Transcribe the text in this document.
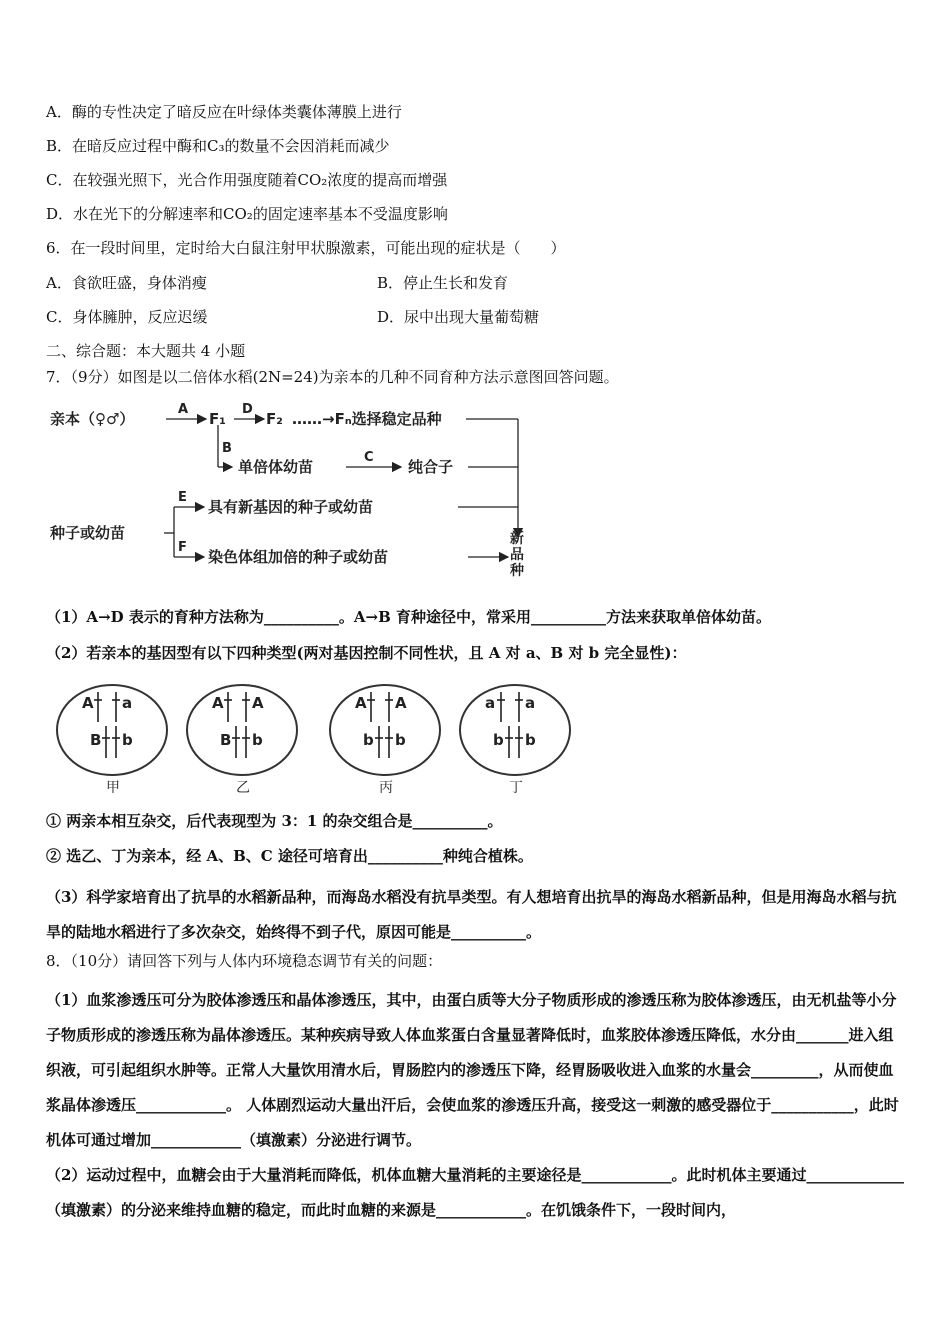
A．酶的专性决定了暗反应在叶绿体类囊体薄膜上进行
B．在暗反应过程中酶和C₃的数量不会因消耗而减少
C．在较强光照下，光合作用强度随着CO₂浓度的提高而增强
D．水在光下的分解速率和CO₂的固定速率基本不受温度影响
6．在一段时间里，定时给大白鼠注射甲状腺激素，可能出现的症状是（　　）
A．食欲旺盛，身体消瘦	B．停止生长和发育
C．身体臃肿，反应迟缓	D．尿中出现大量葡萄糖
二、综合题：本大题共 4 小题
7．（9分）如图是以二倍体水稻(2N=24)为亲本的几种不同育种方法示意图回答问题。
亲本（♀♂）
A
F₁
D
F₂ ……→Fₙ选择稳定品种
B
单倍体幼苗
C
纯合子
种子或幼苗
E
具有新基因的种子或幼苗
F
染色体组加倍的种子或幼苗
新
品
种
（1）A→D 表示的育种方法称为__________。A→B 育种途径中，常采用__________方法来获取单倍体幼苗。
（2）若亲本的基因型有以下四种类型(两对基因控制不同性状，且 A 对 a、B 对 b 完全显性)：
A a
B b
A A
B b
A A
b b
a a
b b
甲	乙	丙	丁
① 两亲本相互杂交，后代表现型为 3：1 的杂交组合是__________。
② 选乙、丁为亲本，经 A、B、C 途径可培育出__________种纯合植株。
（3）科学家培育出了抗旱的水稻新品种，而海岛水稻没有抗旱类型。有人想培育出抗旱的海岛水稻新品种，但是用海岛水稻与抗旱的陆地水稻进行了多次杂交，始终得不到子代，原因可能是__________。
8．（10分）请回答下列与人体内环境稳态调节有关的问题：
（1）血浆渗透压可分为胶体渗透压和晶体渗透压，其中，由蛋白质等大分子物质形成的渗透压称为胶体渗透压，由无机盐等小分子物质形成的渗透压称为晶体渗透压。某种疾病导致人体血浆蛋白含量显著降低时，血浆胶体渗透压降低，水分由_______进入组织液，可引起组织水肿等。正常人大量饮用清水后，胃肠腔内的渗透压下降，经胃肠吸收进入血浆的水量会_________，从而使血浆晶体渗透压____________。 人体剧烈运动大量出汗后，会使血浆的渗透压升高，接受这一刺激的感受器位于___________，此时机体可通过增加____________（填激素）分泌进行调节。
（2）运动过程中，血糖会由于大量消耗而降低，机体血糖大量消耗的主要途径是____________。此时机体主要通过_____________（填激素）的分泌来维持血糖的稳定，而此时血糖的来源是____________。在饥饿条件下，一段时间内，
